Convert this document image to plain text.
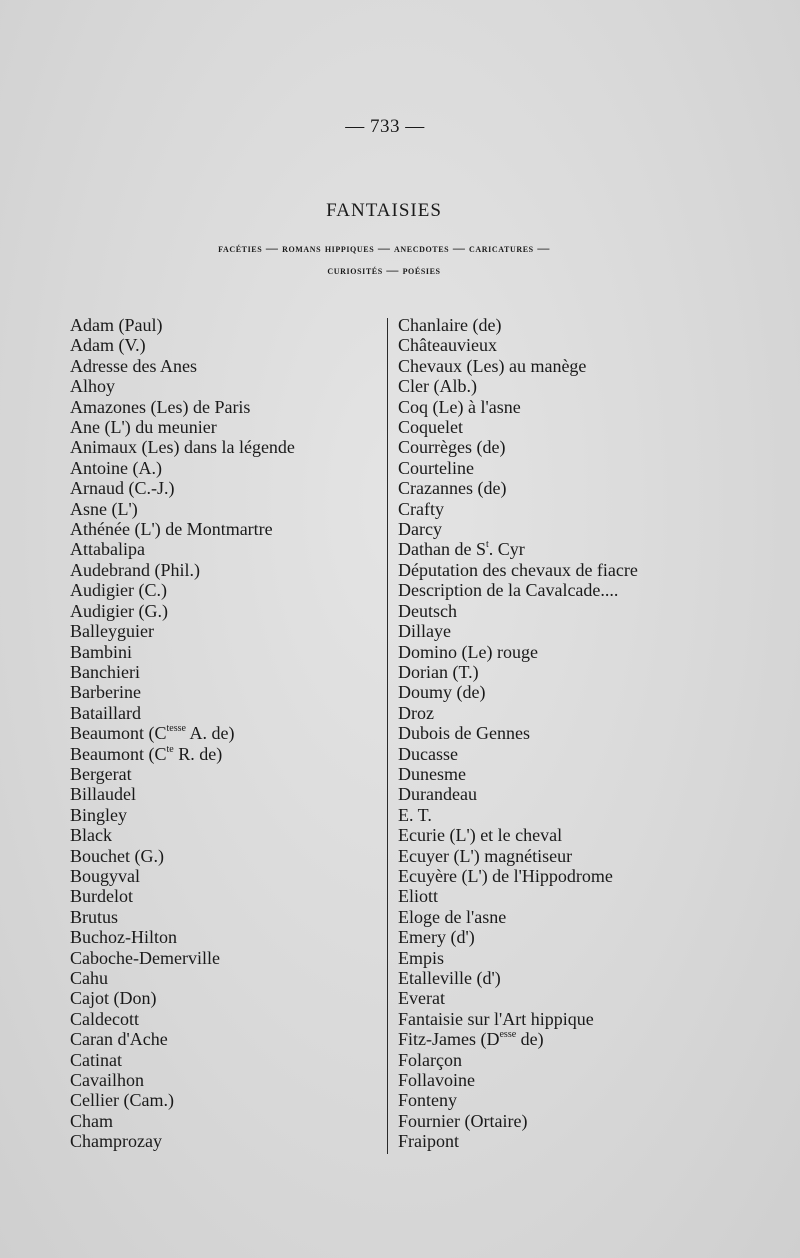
— 733 —
FANTAISIES
facéties — romans hippiques — anecdotes — caricatures —
curiosités — poésies
Adam (Paul)
Adam (V.)
Adresse des Anes
Alhoy
Amazones (Les) de Paris
Ane (L') du meunier
Animaux (Les) dans la légende
Antoine (A.)
Arnaud (C.-J.)
Asne (L')
Athénée (L') de Montmartre
Attabalipa
Audebrand (Phil.)
Audigier (C.)
Audigier (G.)
Balleyguier
Bambini
Banchieri
Barberine
Bataillard
Beaumont ($C^{tesse}$ A. de)
Beaumont ($C^{te}$ R. de)
Bergerat
Billaudel
Bingley
Black
Bouchet (G.)
Bougyval
Burdelot
Brutus
Buchoz-Hilton
Caboche-Demerville
Cahu
Cajot (Don)
Caldecott
Caran d'Ache
Catinat
Cavailhon
Cellier (Cam.)
Cham
Champrozay
Chanlaire (de)
Châteauvieux
Chevaux (Les) au manège
Cler (Alb.)
Coq (Le) à l'asne
Coquelet
Courrèges (de)
Courteline
Crazannes (de)
Crafty
Darcy
Dathan de $S^t$. Cyr
Députation des chevaux de fiacre
Description de la Cavalcade....
Deutsch
Dillaye
Domino (Le) rouge
Dorian (T.)
Doumy (de)
Droz
Dubois de Gennes
Ducasse
Dunesme
Durandeau
E. T.
Ecurie (L') et le cheval
Ecuyer (L') magnétiseur
Ecuyère (L') de l'Hippodrome
Eliott
Eloge de l'asne
Emery (d')
Empis
Etalleville (d')
Everat
Fantaisie sur l'Art hippique
Fitz-James ($D^{esse}$ de)
Folarçon
Follavoine
Fonteny
Fournier (Ortaire)
Fraipont
